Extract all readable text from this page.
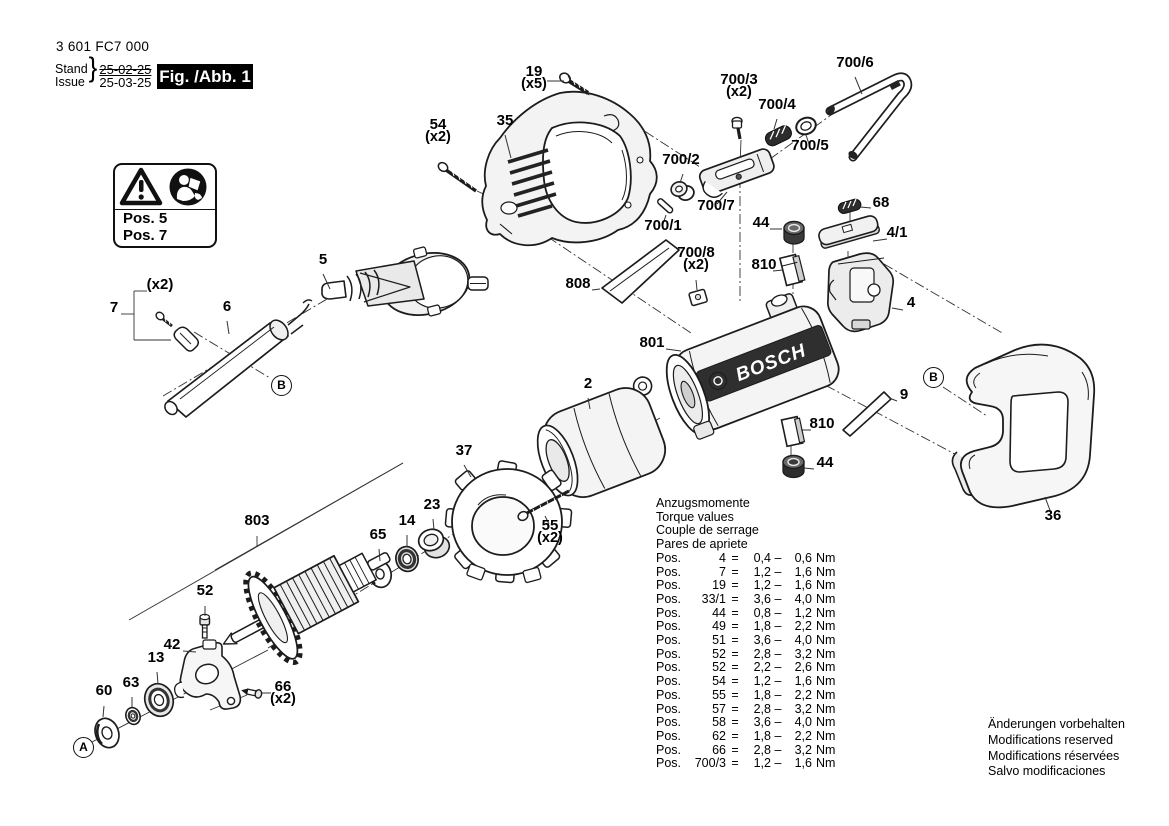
BOSCH
3 601 FC7 000
Stand
Issue } $\frac{25-02-25}{25-03-25}$ Fig. /Abb. 1
Pos. 5
Pos. 7
Anzugsmomente
Torque values
Couple de serrage
Pares de apriete
Pos.	4 =	0,4 –	0,6 Nm
Pos.	7 =	1,2 –	1,6 Nm
Pos.	19 =	1,2 –	1,6 Nm
Pos.	33/1 =	3,6 –	4,0 Nm
Pos.	44 =	0,8 –	1,2 Nm
Pos.	49 =	1,8 –	2,2 Nm
Pos.	51 =	3,6 –	4,0 Nm
Pos.	52 =	2,8 –	3,2 Nm
Pos.	52 =	2,2 –	2,6 Nm
Pos.	54 =	1,2 –	1,6 Nm
Pos.	55 =	1,8 –	2,2 Nm
Pos.	57 =	2,8 –	3,2 Nm
Pos.	58 =	3,6 –	4,0 Nm
Pos.	62 =	1,8 –	2,2 Nm
Pos.	66 =	2,8 –	3,2 Nm
Pos.	700/3 =	1,2 –	1,6 Nm
Änderungen vorbehalten
Modifications reserved
Modifications réservées
Salvo modificaciones
19
(x5)
35
54
(x2)
700/3
(x2)
700/4
700/6
700/5
700/2
700/7
700/1
68
44
4/1
810
700/8
(x2)
808
801
4
9
810
44
36
5
(x2)
7	6
2
37
23
14
65
55
(x2)
803
52
42
13
63
60	66
(x2)
B
B
A
